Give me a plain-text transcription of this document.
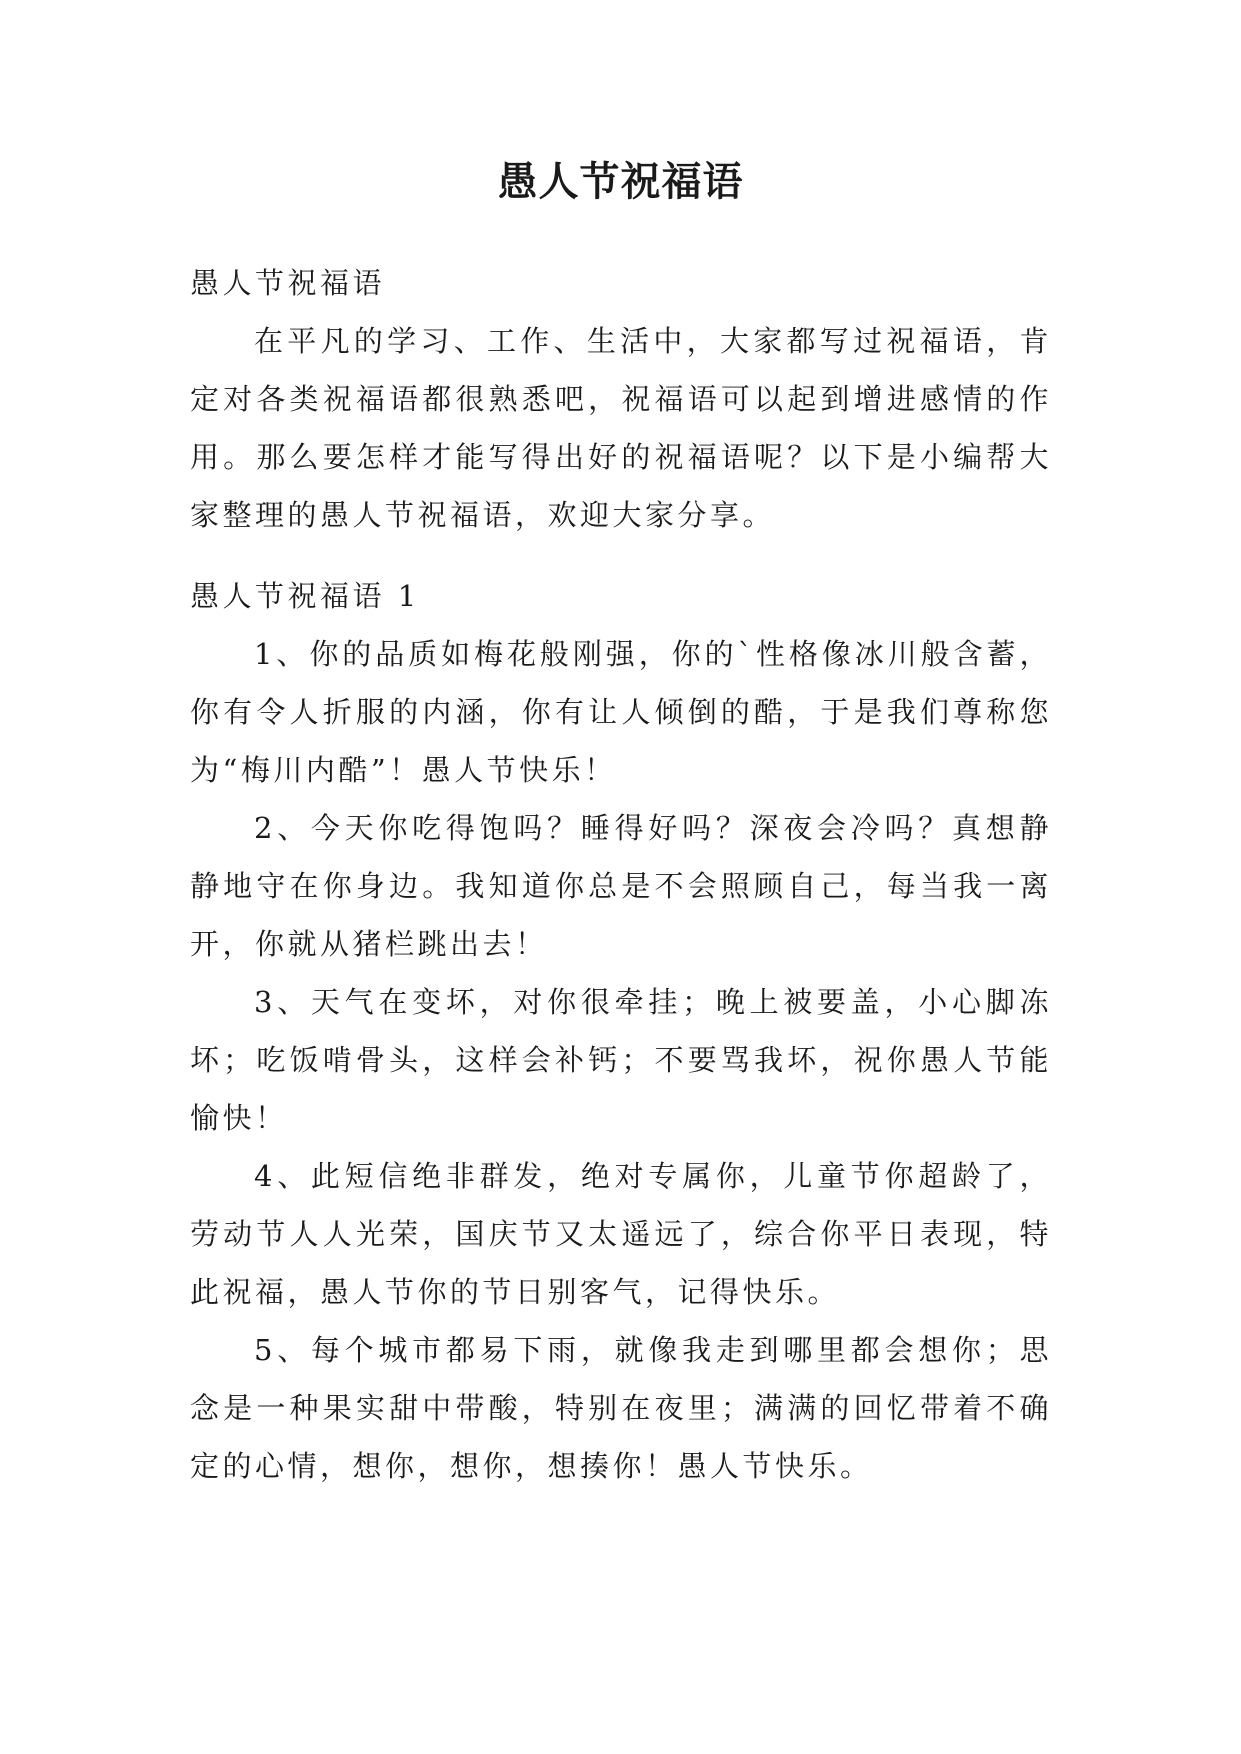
愚人节祝福语

愚人节祝福语

在平凡的学习、工作、生活中，大家都写过祝福语，肯定对各类祝福语都很熟悉吧，祝福语可以起到增进感情的作用。那么要怎样才能写得出好的祝福语呢？以下是小编帮大家整理的愚人节祝福语，欢迎大家分享。

愚人节祝福语 1

1、你的品质如梅花般刚强，你的`性格像冰川般含蓄，你有令人折服的内涵，你有让人倾倒的酷，于是我们尊称您为“梅川内酷”！愚人节快乐！

2、今天你吃得饱吗？睡得好吗？深夜会冷吗？真想静静地守在你身边。我知道你总是不会照顾自己，每当我一离开，你就从猪栏跳出去！

3、天气在变坏，对你很牵挂；晚上被要盖，小心脚冻坏；吃饭啃骨头，这样会补钙；不要骂我坏，祝你愚人节能愉快！

4、此短信绝非群发，绝对专属你，儿童节你超龄了，劳动节人人光荣，国庆节又太遥远了，综合你平日表现，特此祝福，愚人节你的节日别客气，记得快乐。

5、每个城市都易下雨，就像我走到哪里都会想你；思念是一种果实甜中带酸，特别在夜里；满满的回忆带着不确定的心情，想你，想你，想揍你！愚人节快乐。
